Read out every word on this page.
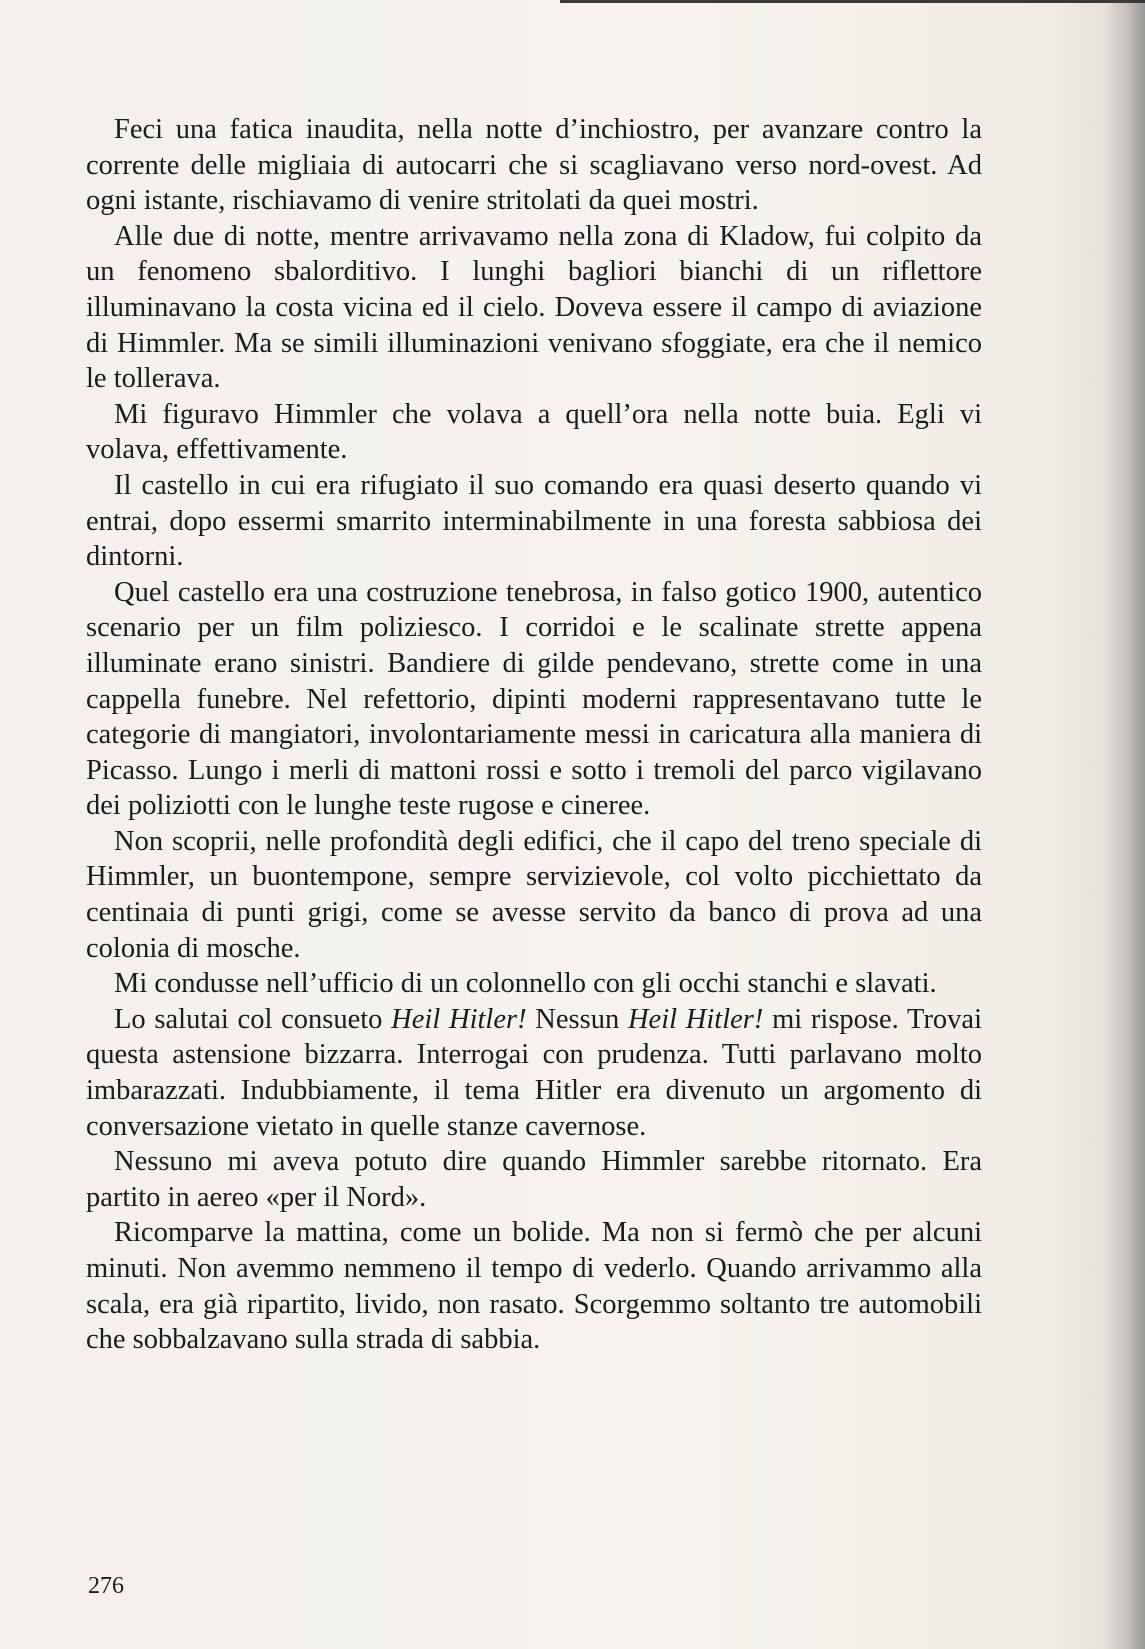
Feci una fatica inaudita, nella notte d’inchiostro, per avanzare contro la corrente delle migliaia di autocarri che si scagliavano verso nord-ovest. Ad ogni istante, rischiavamo di venire stritolati da quei mostri.

Alle due di notte, mentre arrivavamo nella zona di Kladow, fui colpito da un fenomeno sbalorditivo. I lunghi bagliori bianchi di un riflettore illuminavano la costa vicina ed il cielo. Doveva essere il campo di aviazione di Himmler. Ma se simili illuminazioni venivano sfoggiate, era che il nemico le tollerava.

Mi figuravo Himmler che volava a quell’ora nella notte buia. Egli vi volava, effettivamente.

Il castello in cui era rifugiato il suo comando era quasi deserto quando vi entrai, dopo essermi smarrito interminabilmente in una foresta sabbiosa dei dintorni.

Quel castello era una costruzione tenebrosa, in falso gotico 1900, autentico scenario per un film poliziesco. I corridoi e le scalinate strette appena illuminate erano sinistri. Bandiere di gilde pendevano, strette come in una cappella funebre. Nel refettorio, dipinti moderni rappresentavano tutte le categorie di mangiatori, involontariamente messi in caricatura alla maniera di Picasso. Lungo i merli di mattoni rossi e sotto i tremoli del parco vigilavano dei poliziotti con le lunghe teste rugose e cineree.

Non scoprii, nelle profondità degli edifici, che il capo del treno speciale di Himmler, un buontempone, sempre servizievole, col volto picchiettato da centinaia di punti grigi, come se avesse servito da banco di prova ad una colonia di mosche.

Mi condusse nell’ufficio di un colonnello con gli occhi stanchi e slavati.

Lo salutai col consueto Heil Hitler! Nessun Heil Hitler! mi rispose. Trovai questa astensione bizzarra. Interrogai con prudenza. Tutti parlavano molto imbarazzati. Indubbiamente, il tema Hitler era divenuto un argomento di conversazione vietato in quelle stanze cavernose.

Nessuno mi aveva potuto dire quando Himmler sarebbe ritornato. Era partito in aereo «per il Nord».

Ricomparve la mattina, come un bolide. Ma non si fermò che per alcuni minuti. Non avemmo nemmeno il tempo di vederlo. Quando arrivammo alla scala, era già ripartito, livido, non rasato. Scorgemmo soltanto tre automobili che sobbalzavano sulla strada di sabbia.

276
